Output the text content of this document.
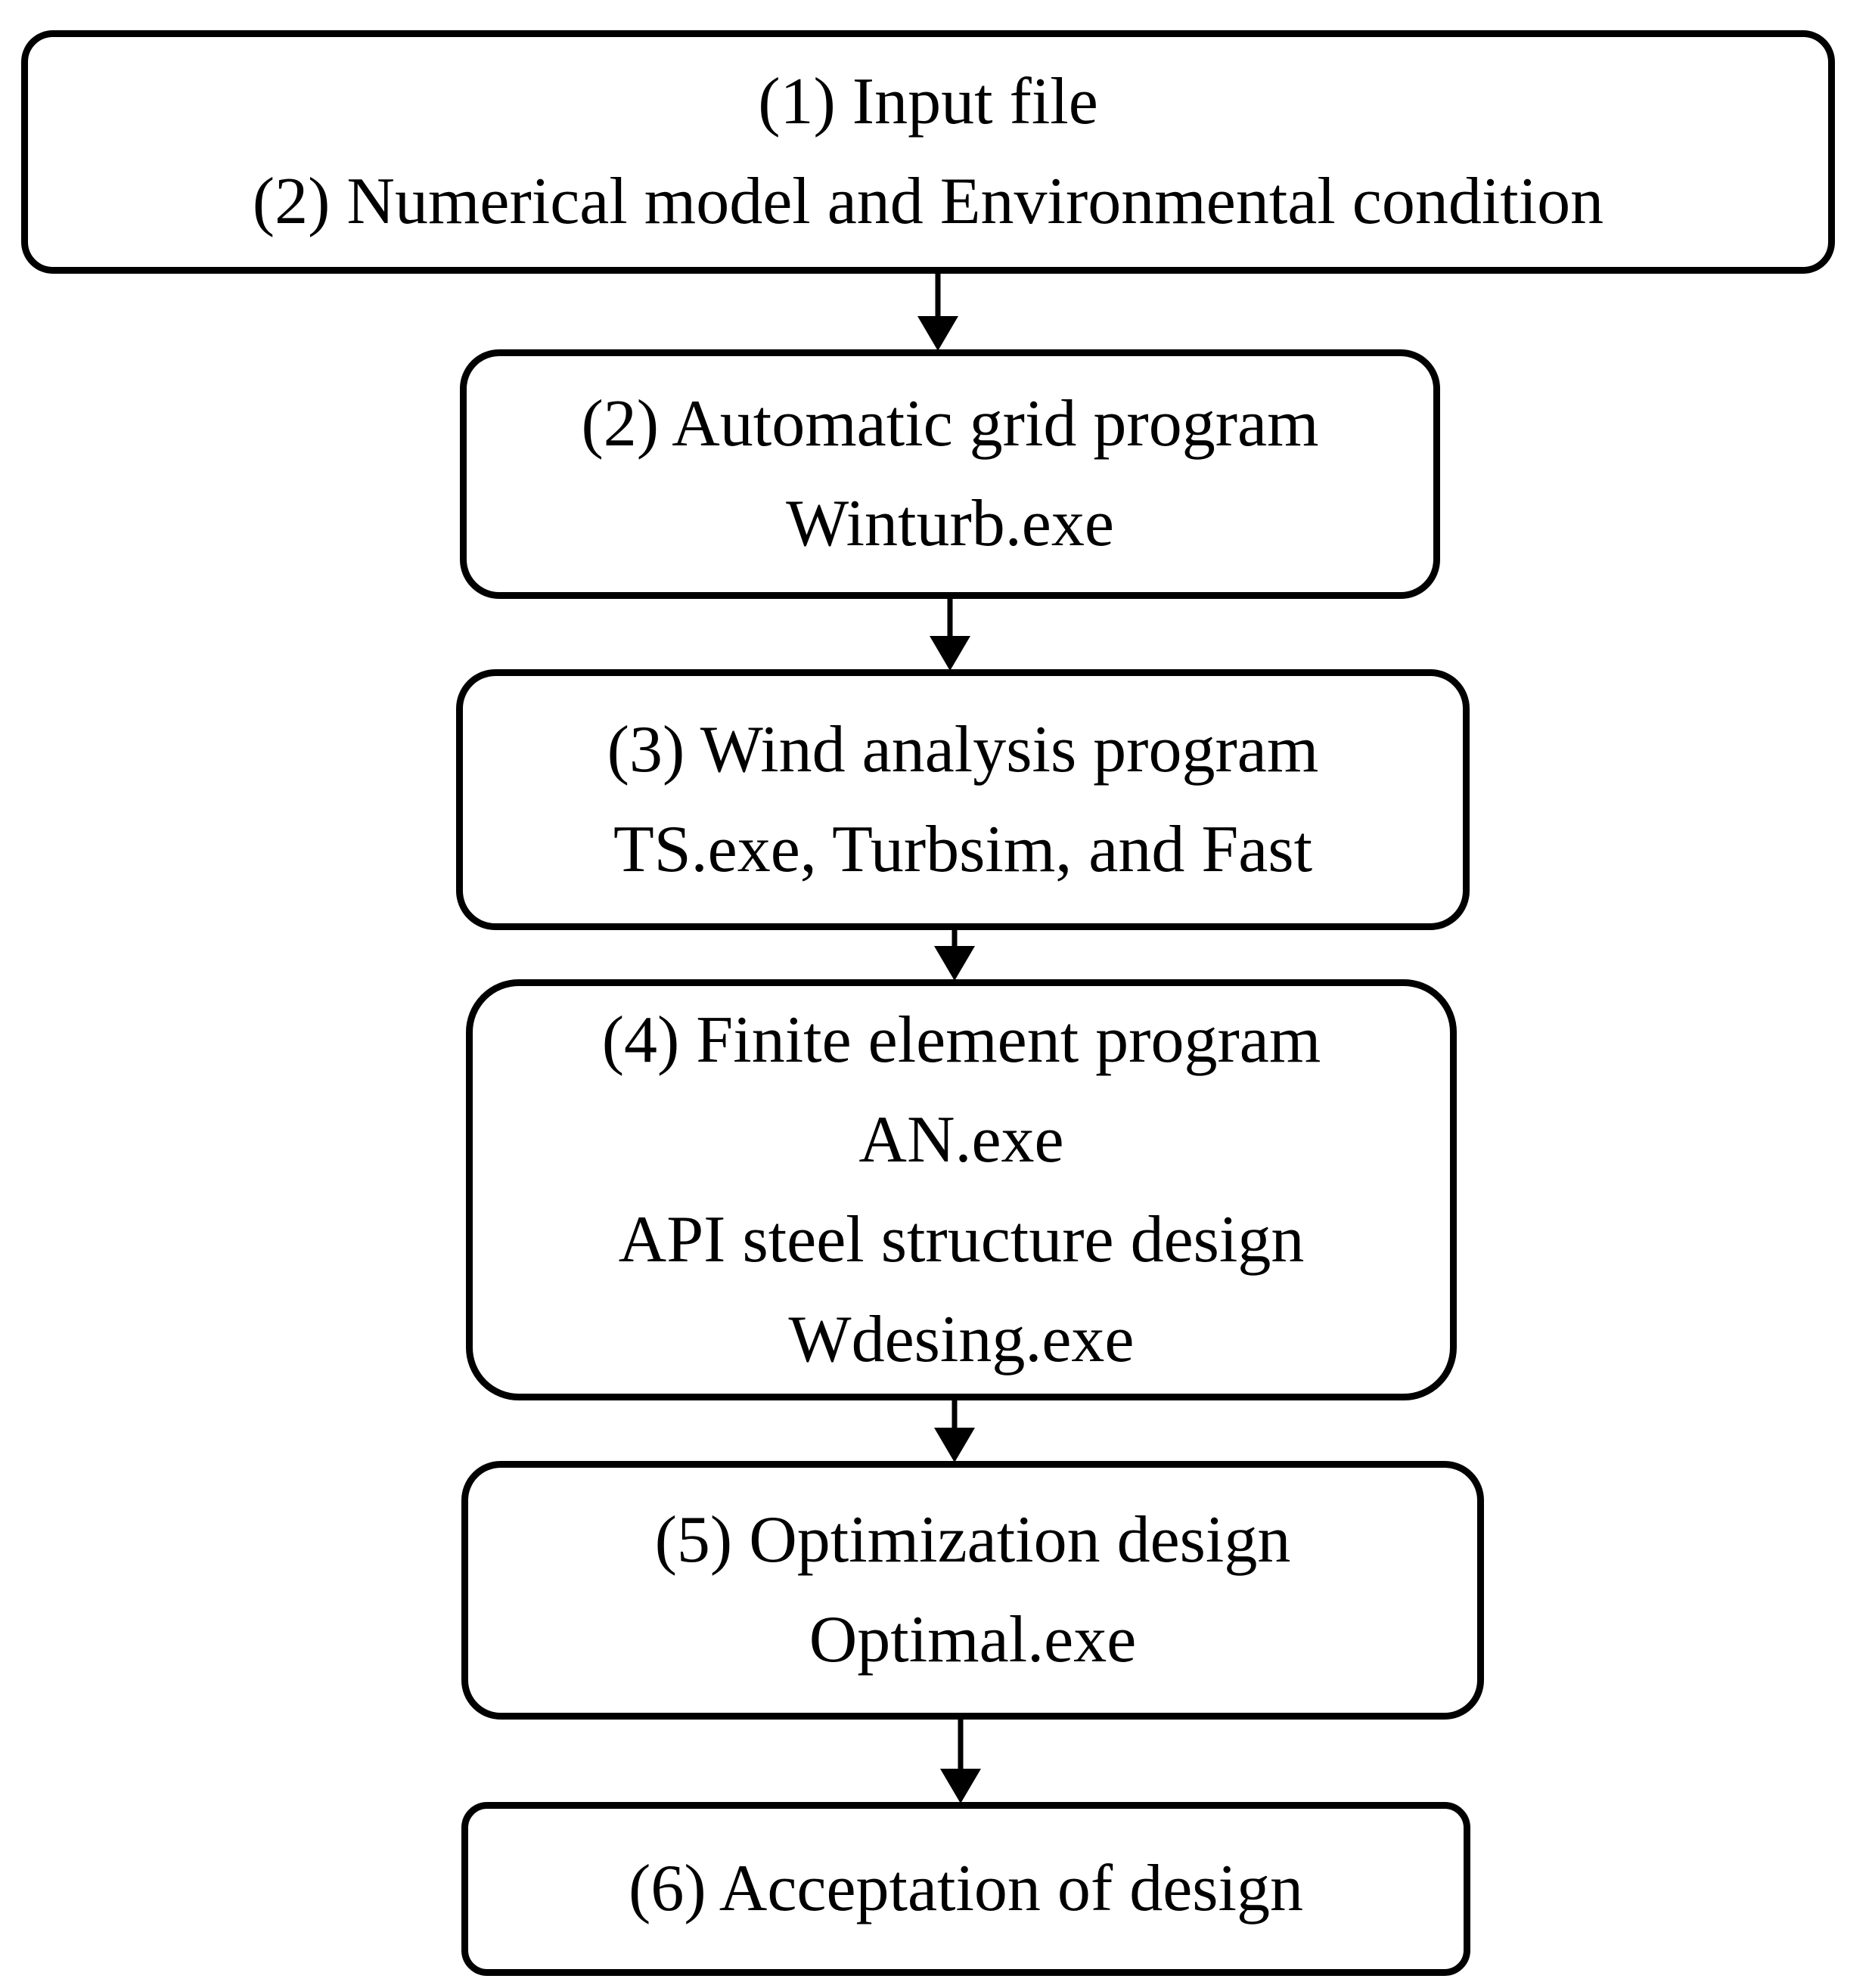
(1) Input file
(2) Numerical model and Environmental condition
(2) Automatic grid program
Winturb.exe
(3) Wind analysis program
TS.exe, Turbsim, and Fast
(4) Finite element program
AN.exe
API steel structure design
Wdesing.exe
(5) Optimization design
Optimal.exe
(6) Acceptation of design
